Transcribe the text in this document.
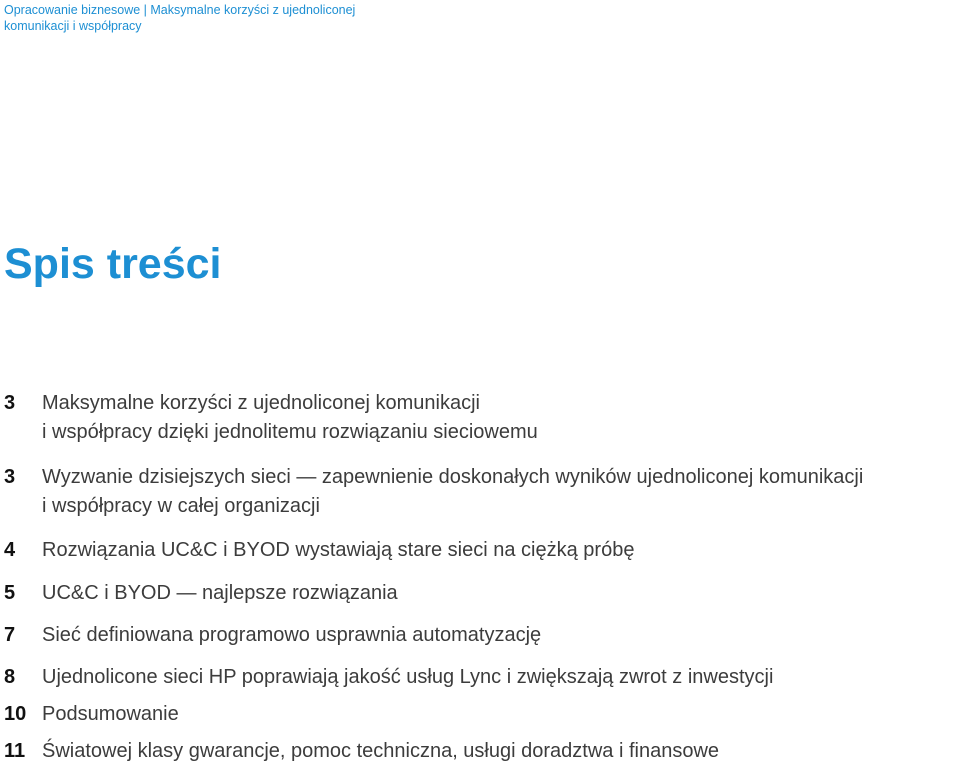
Opracowanie biznesowe | Maksymalne korzyści z ujednoliconej komunikacji i współpracy
Spis treści
3	Maksymalne korzyści z ujednoliconej komunikacji
i współpracy dzięki jednolitemu rozwiązaniu sieciowemu
3	Wyzwanie dzisiejszych sieci — zapewnienie doskonałych wyników ujednoliconej komunikacji
i współpracy w całej organizacji
4	Rozwiązania UC&C i BYOD wystawiają stare sieci na ciężką próbę
5	UC&C i BYOD — najlepsze rozwiązania
7	Sieć definiowana programowo usprawnia automatyzację
8	Ujednolicone sieci HP poprawiają jakość usług Lync i zwiększają zwrot z inwestycji
10 Podsumowanie
11 Światowej klasy gwarancje, pomoc techniczna, usługi doradztwa i finansowe
